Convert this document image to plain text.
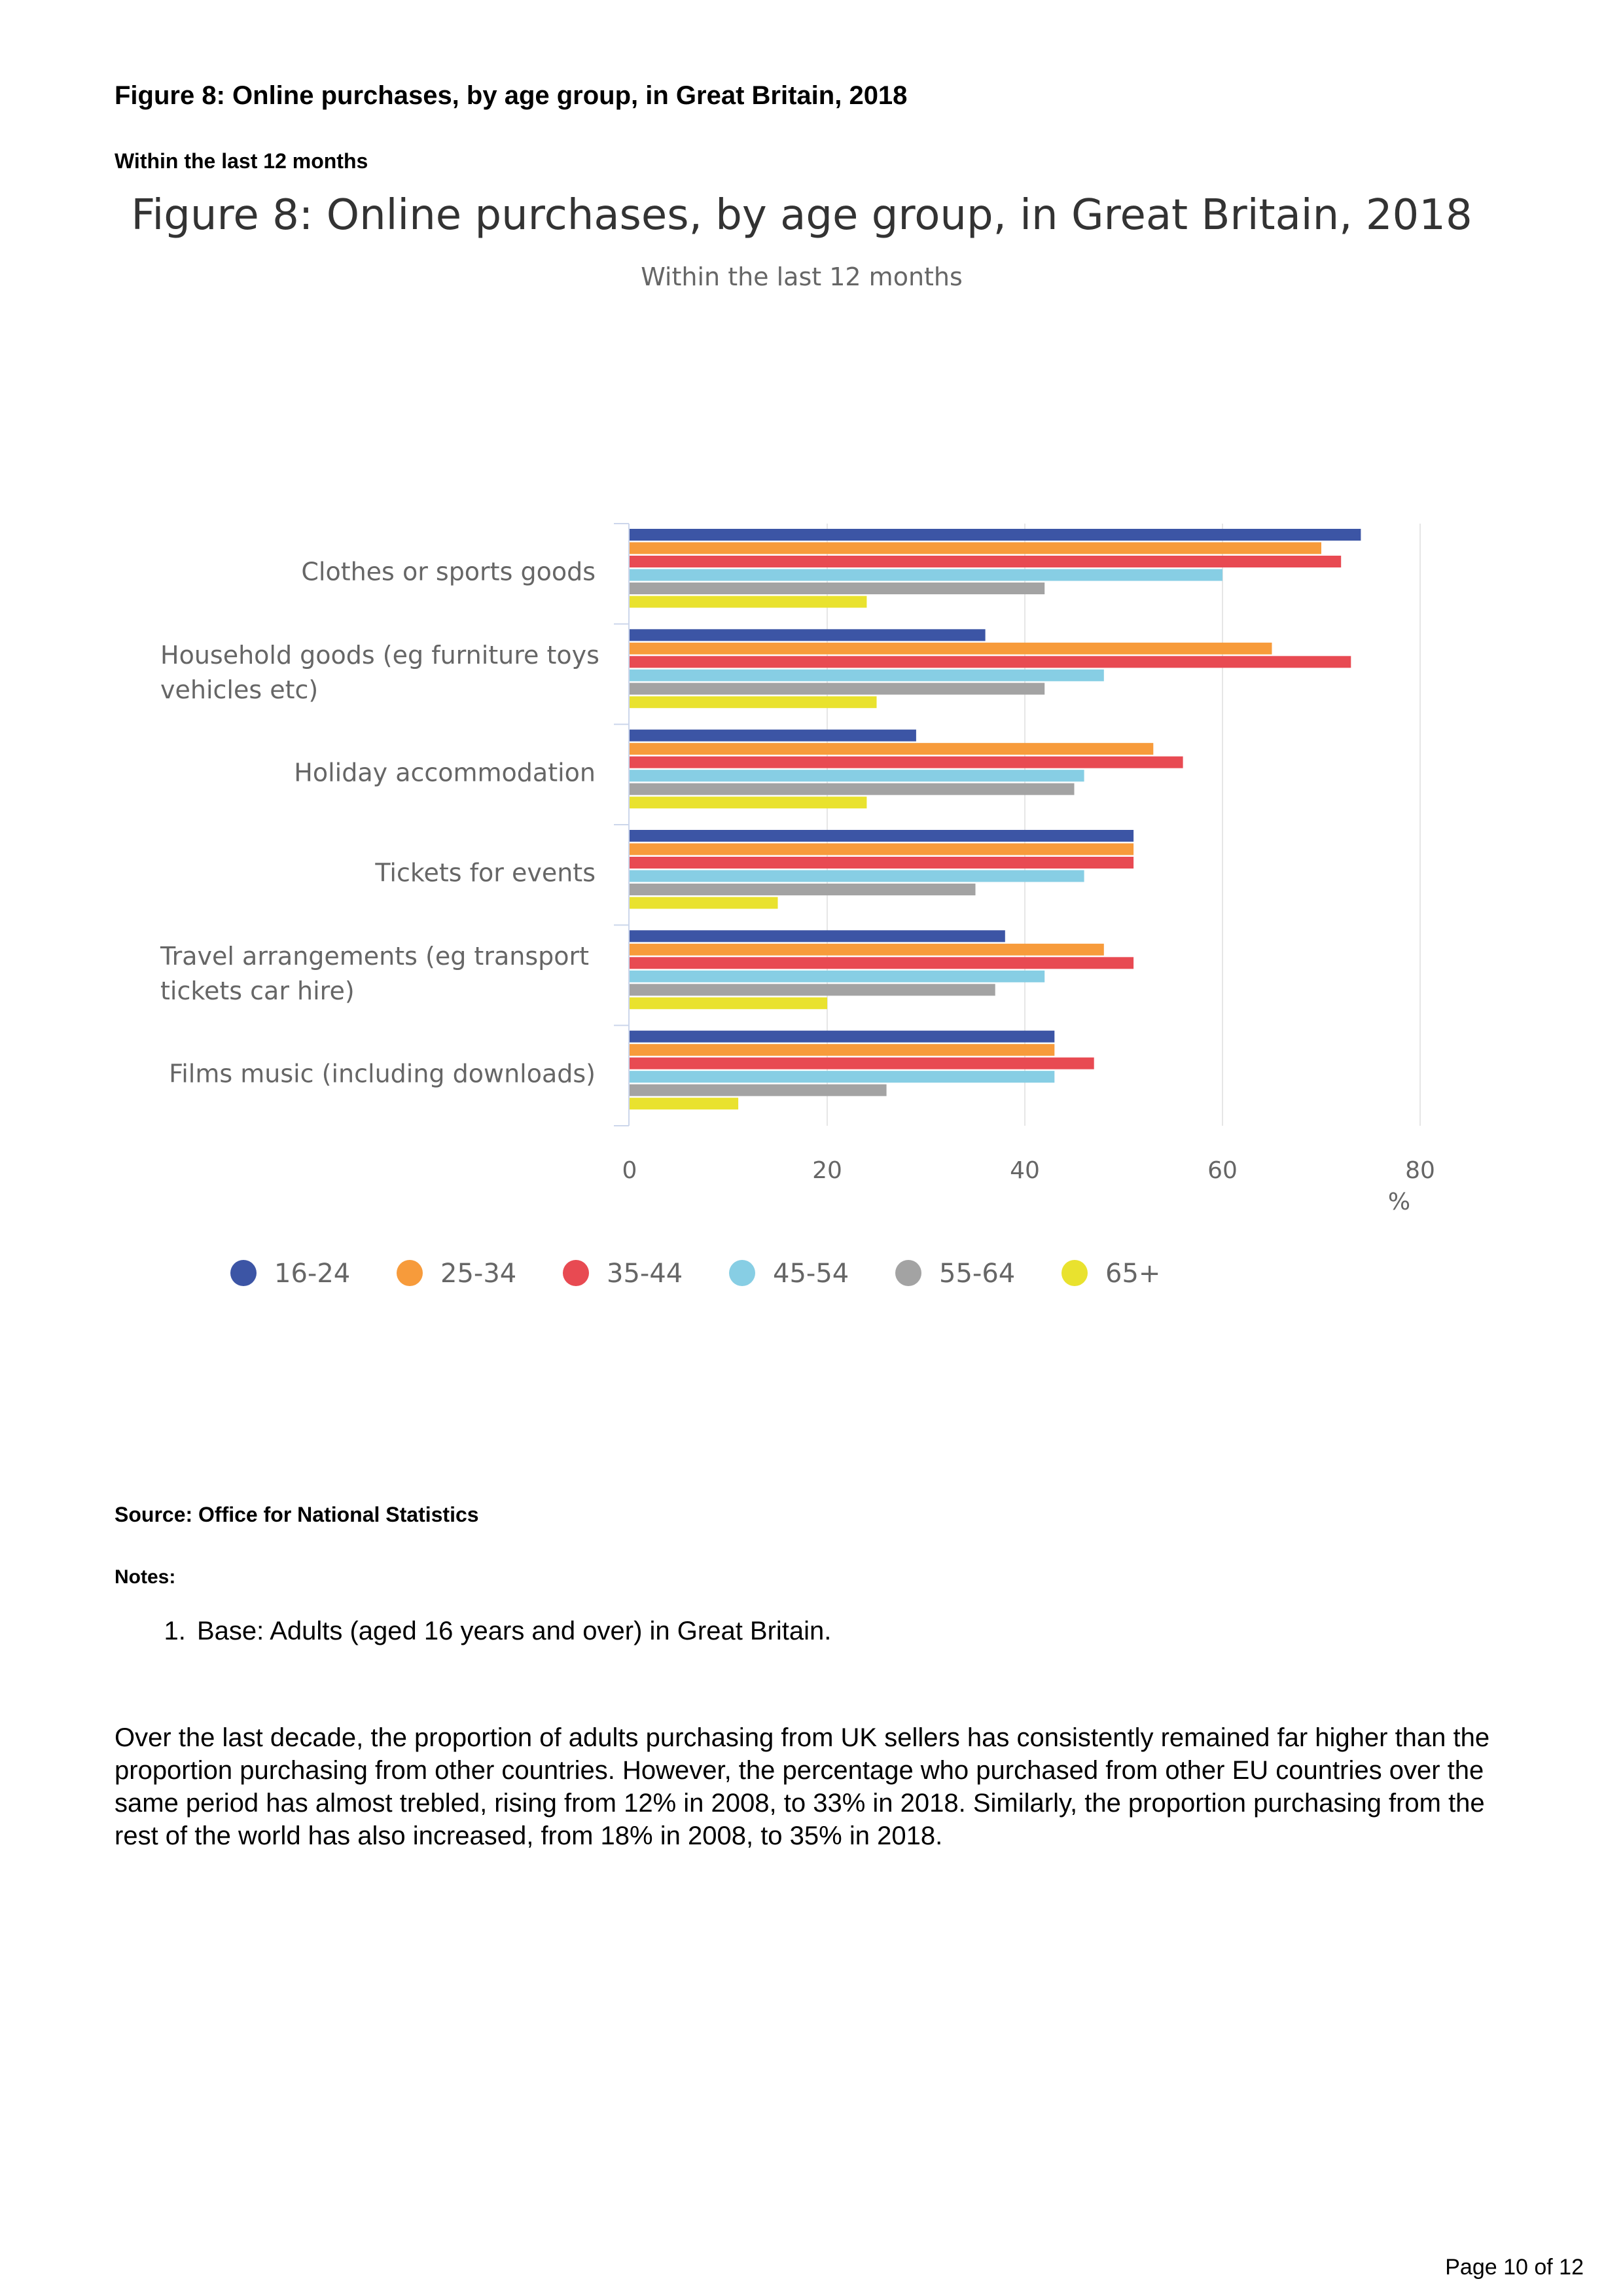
Figure 8: Online purchases, by age group, in Great Britain, 2018
Within the last 12 months
Figure 8: Online purchases, by age group, in Great Britain, 2018
Within the last 12 months
Clothes or sports goods
Household goods (eg furniture toys vehicles etc)
Holiday accommodation
Tickets for events
Travel arrangements (eg transport tickets car hire)
Films music (including downloads)
0	20	40	60	80
%
16-24	25-34	35-44	45-54	55-64	65+
Source: Office for National Statistics
Notes:
1. Base: Adults (aged 16 years and over) in Great Britain.

Over the last decade, the proportion of adults purchasing from UK sellers has consistently remained far higher than the proportion purchasing from other countries. However, the percentage who purchased from other EU countries over the same period has almost trebled, rising from 12% in 2008, to 33% in 2018. Similarly, the proportion purchasing from the rest of the world has also increased, from 18% in 2008, to 35% in 2018.

Page 10 of 12
